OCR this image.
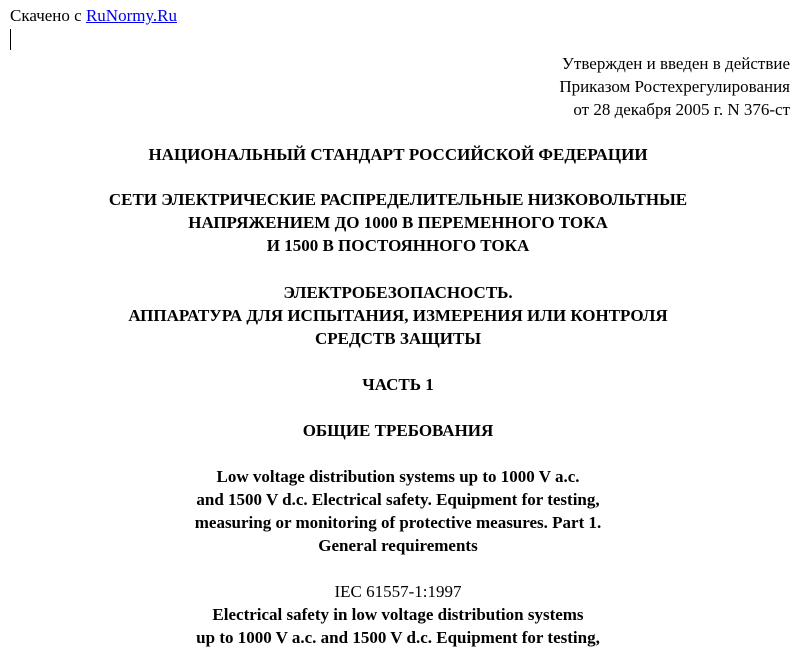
Скачено с RuNormy.Ru
Утвержден и введен в действие
Приказом Ростехрегулирования
от 28 декабря 2005 г. N 376-ст
НАЦИОНАЛЬНЫЙ СТАНДАРТ РОССИЙСКОЙ ФЕДЕРАЦИИ
СЕТИ ЭЛЕКТРИЧЕСКИЕ РАСПРЕДЕЛИТЕЛЬНЫЕ НИЗКОВОЛЬТНЫЕ
НАПРЯЖЕНИЕМ ДО 1000 В ПЕРЕМЕННОГО ТОКА
И 1500 В ПОСТОЯННОГО ТОКА
ЭЛЕКТРОБЕЗОПАСНОСТЬ.
АППАРАТУРА ДЛЯ ИСПЫТАНИЯ, ИЗМЕРЕНИЯ ИЛИ КОНТРОЛЯ
СРЕДСТВ ЗАЩИТЫ
ЧАСТЬ 1
ОБЩИЕ ТРЕБОВАНИЯ
Low voltage distribution systems up to 1000 V a.c.
and 1500 V d.c. Electrical safety. Equipment for testing,
measuring or monitoring of protective measures. Part 1.
General requirements
IEC 61557-1:1997
Electrical safety in low voltage distribution systems
up to 1000 V a.c. and 1500 V d.c. Equipment for testing,
